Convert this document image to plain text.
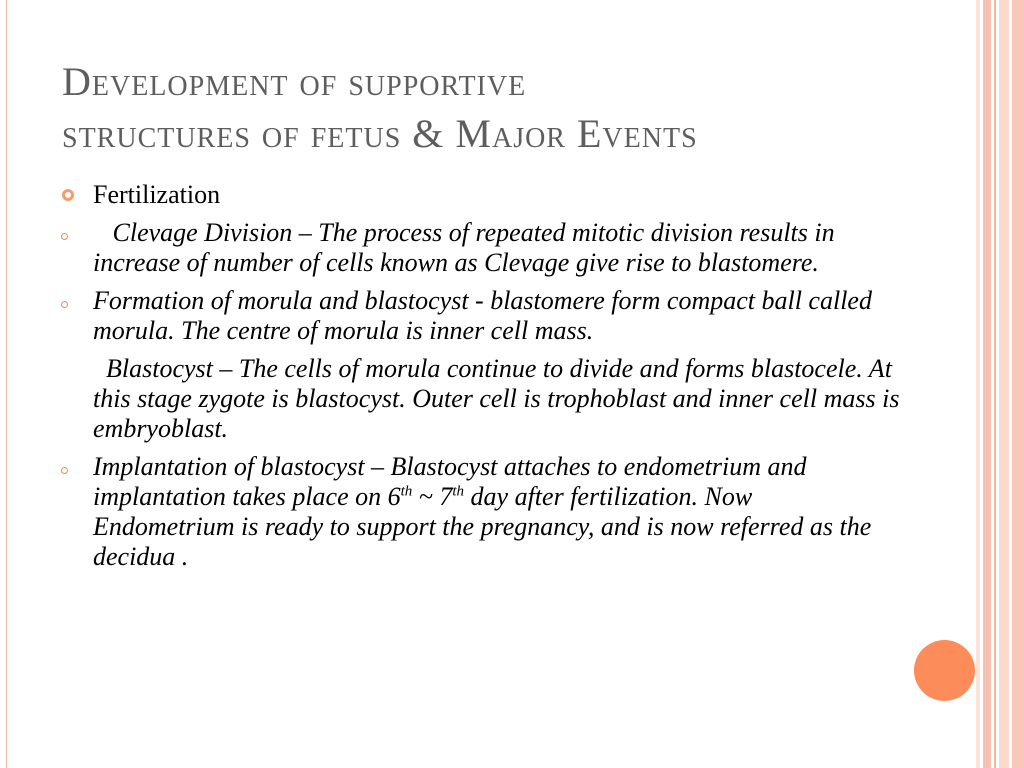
Development of supportive
structures of fetus & Major Events
Fertilization
Clevage Division – The process of repeated mitotic division results in increase of number of cells known as Clevage give rise to blastomere.
Formation of morula and blastocyst - blastomere form compact ball called morula. The centre of morula is inner cell mass.
Blastocyst – The cells of morula continue to divide and forms blastocele. At this stage zygote is blastocyst. Outer cell is trophoblast and inner cell mass is embryoblast.
Implantation of blastocyst – Blastocyst attaches to endometrium and implantation takes place on 6th ~ 7th day after fertilization. Now Endometrium is ready to support the pregnancy, and is now referred as the decidua .
